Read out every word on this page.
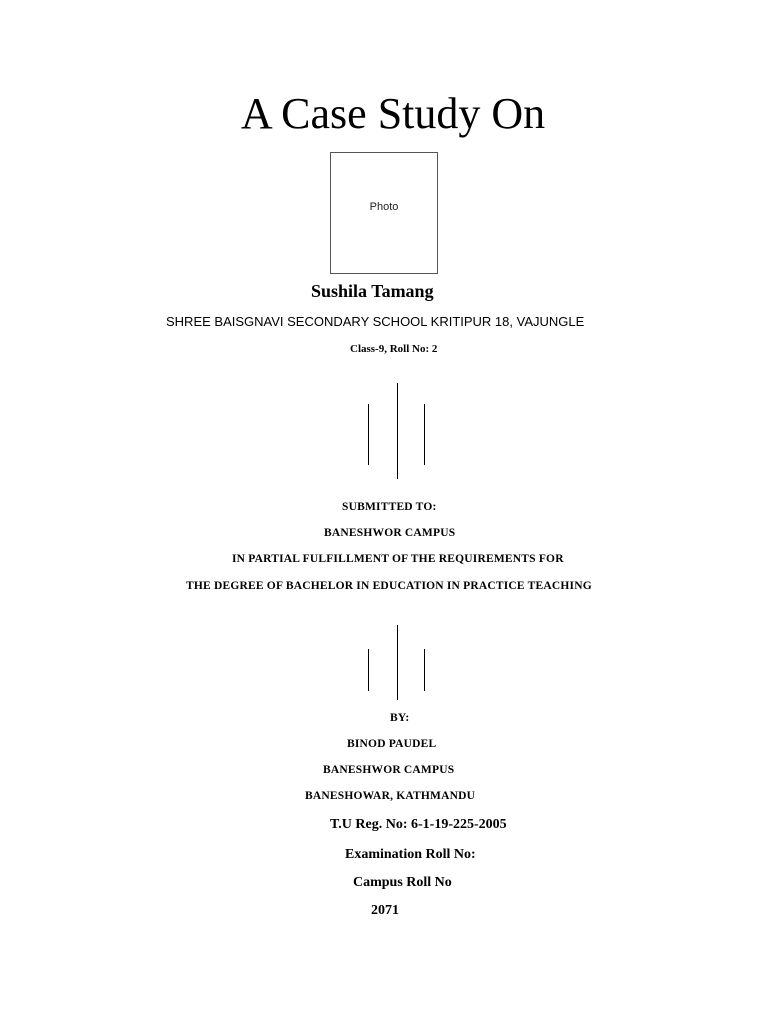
A Case Study On
Photo
Sushila Tamang
SHREE BAISGNAVI SECONDARY SCHOOL KRITIPUR 18, VAJUNGLE
Class-9, Roll No: 2
SUBMITTED TO:
BANESHWOR CAMPUS
IN PARTIAL FULFILLMENT OF THE REQUIREMENTS FOR
THE DEGREE OF BACHELOR IN EDUCATION IN PRACTICE TEACHING
BY:
BINOD PAUDEL
BANESHWOR CAMPUS
BANESHOWAR, KATHMANDU
T.U Reg. No: 6-1-19-225-2005
Examination Roll No:
Campus Roll No
2071
